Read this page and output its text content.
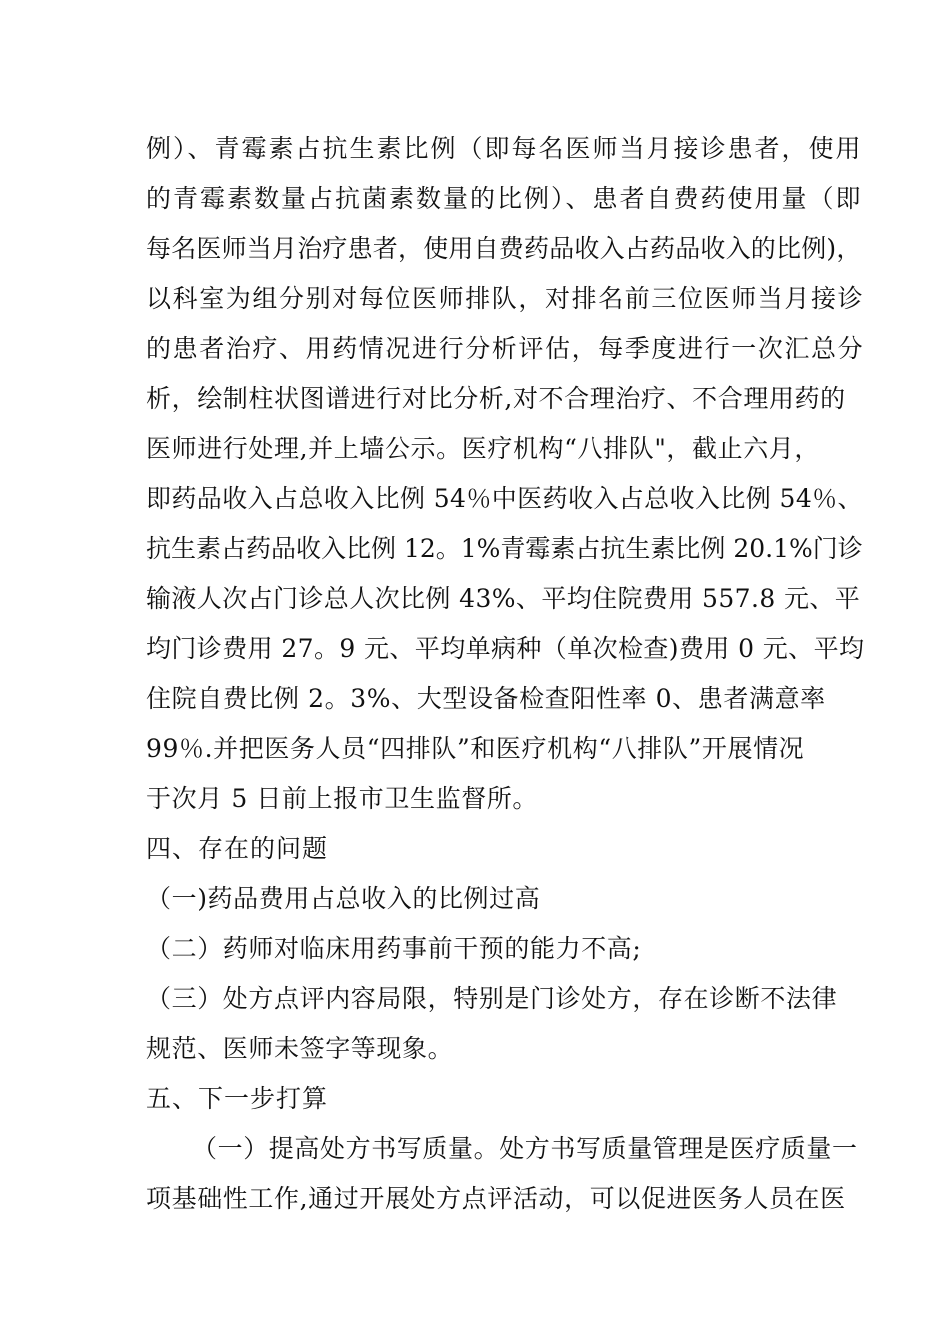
例）、青霉素占抗生素比例（即每名医师当月接诊患者，使用
的青霉素数量占抗菌素数量的比例）、患者自费药使用量（即
每名医师当月治疗患者，使用自费药品收入占药品收入的比例)，
以科室为组分别对每位医师排队，对排名前三位医师当月接诊
的患者治疗、用药情况进行分析评估，每季度进行一次汇总分
析，绘制柱状图谱进行对比分析,对不合理治疗、不合理用药的
医师进行处理,并上墙公示。医疗机构“八排队"，截止六月，
即药品收入占总收入比例 54％中医药收入占总收入比例 54％、
抗生素占药品收入比例 12。1%青霉素占抗生素比例 20.1%门诊
输液人次占门诊总人次比例 43%、平均住院费用 557.8 元、平
均门诊费用 27。9 元、平均单病种（单次检查)费用 0 元、平均
住院自费比例 2。3%、大型设备检查阳性率 0、患者满意率
99％.并把医务人员“四排队”和医疗机构“八排队”开展情况
于次月 5 日前上报市卫生监督所。
四、存在的问题
（一)药品费用占总收入的比例过高
（二）药师对临床用药事前干预的能力不高;
（三）处方点评内容局限，特别是门诊处方，存在诊断不法律
规范、医师未签字等现象。
五、下一步打算
（一）提高处方书写质量。处方书写质量管理是医疗质量一
项基础性工作,通过开展处方点评活动，可以促进医务人员在医
